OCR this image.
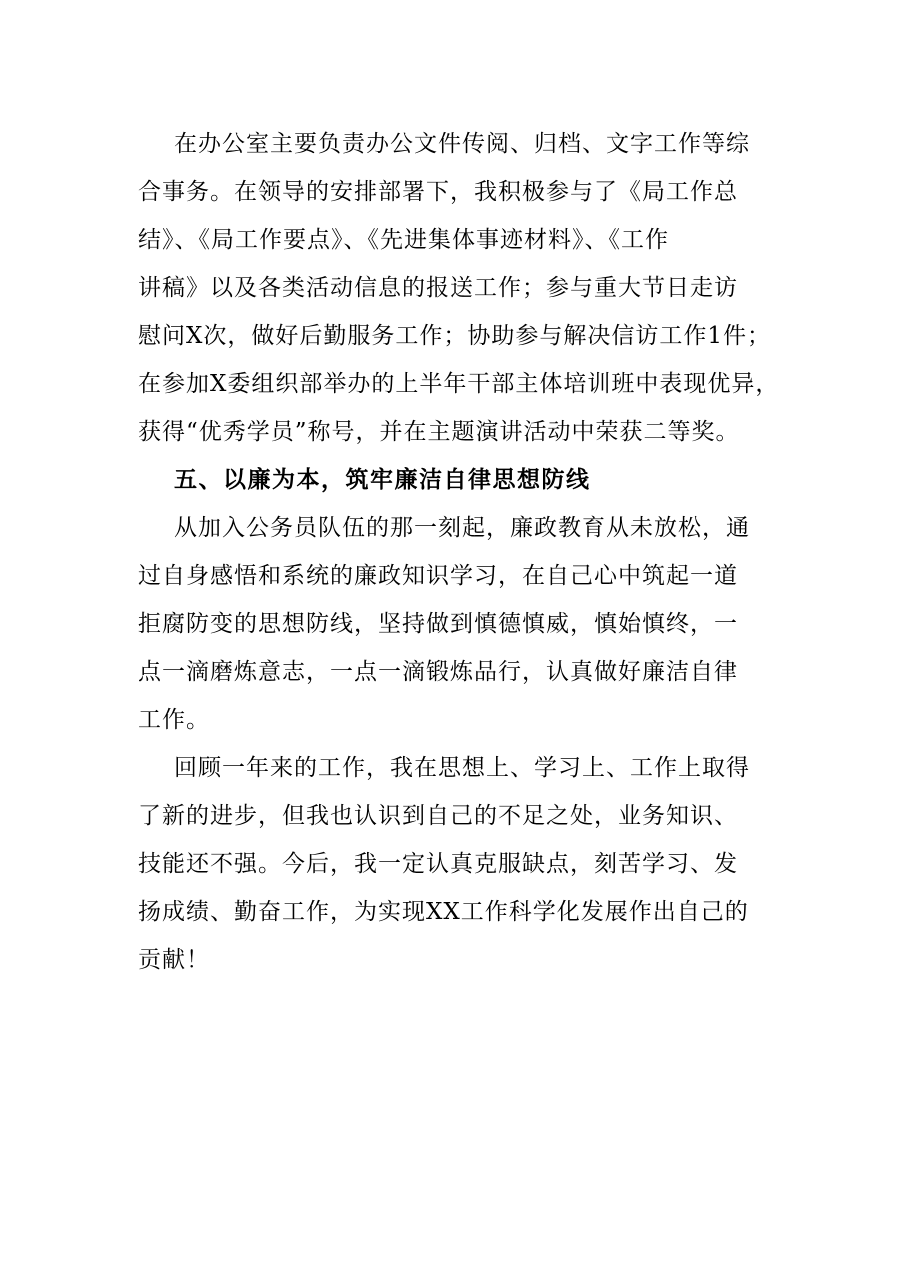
在办公室主要负责办公文件传阅、归档、文字工作等综
合事务。在领导的安排部署下，我积极参与了《局工作总
结》、《局工作要点》、《先进集体事迹材料》、《工作
讲稿》以及各类活动信息的报送工作；参与重大节日走访
慰问X次，做好后勤服务工作；协助参与解决信访工作1件；
在参加X委组织部举办的上半年干部主体培训班中表现优异，
获得“优秀学员”称号，并在主题演讲活动中荣获二等奖。
五、以廉为本，筑牢廉洁自律思想防线
从加入公务员队伍的那一刻起，廉政教育从未放松，通
过自身感悟和系统的廉政知识学习，在自己心中筑起一道
拒腐防变的思想防线，坚持做到慎德慎威，慎始慎终，一
点一滴磨炼意志，一点一滴锻炼品行，认真做好廉洁自律
工作。
回顾一年来的工作，我在思想上、学习上、工作上取得
了新的进步，但我也认识到自己的不足之处，业务知识、
技能还不强。今后，我一定认真克服缺点，刻苦学习、发
扬成绩、勤奋工作，为实现XX工作科学化发展作出自己的
贡献！
